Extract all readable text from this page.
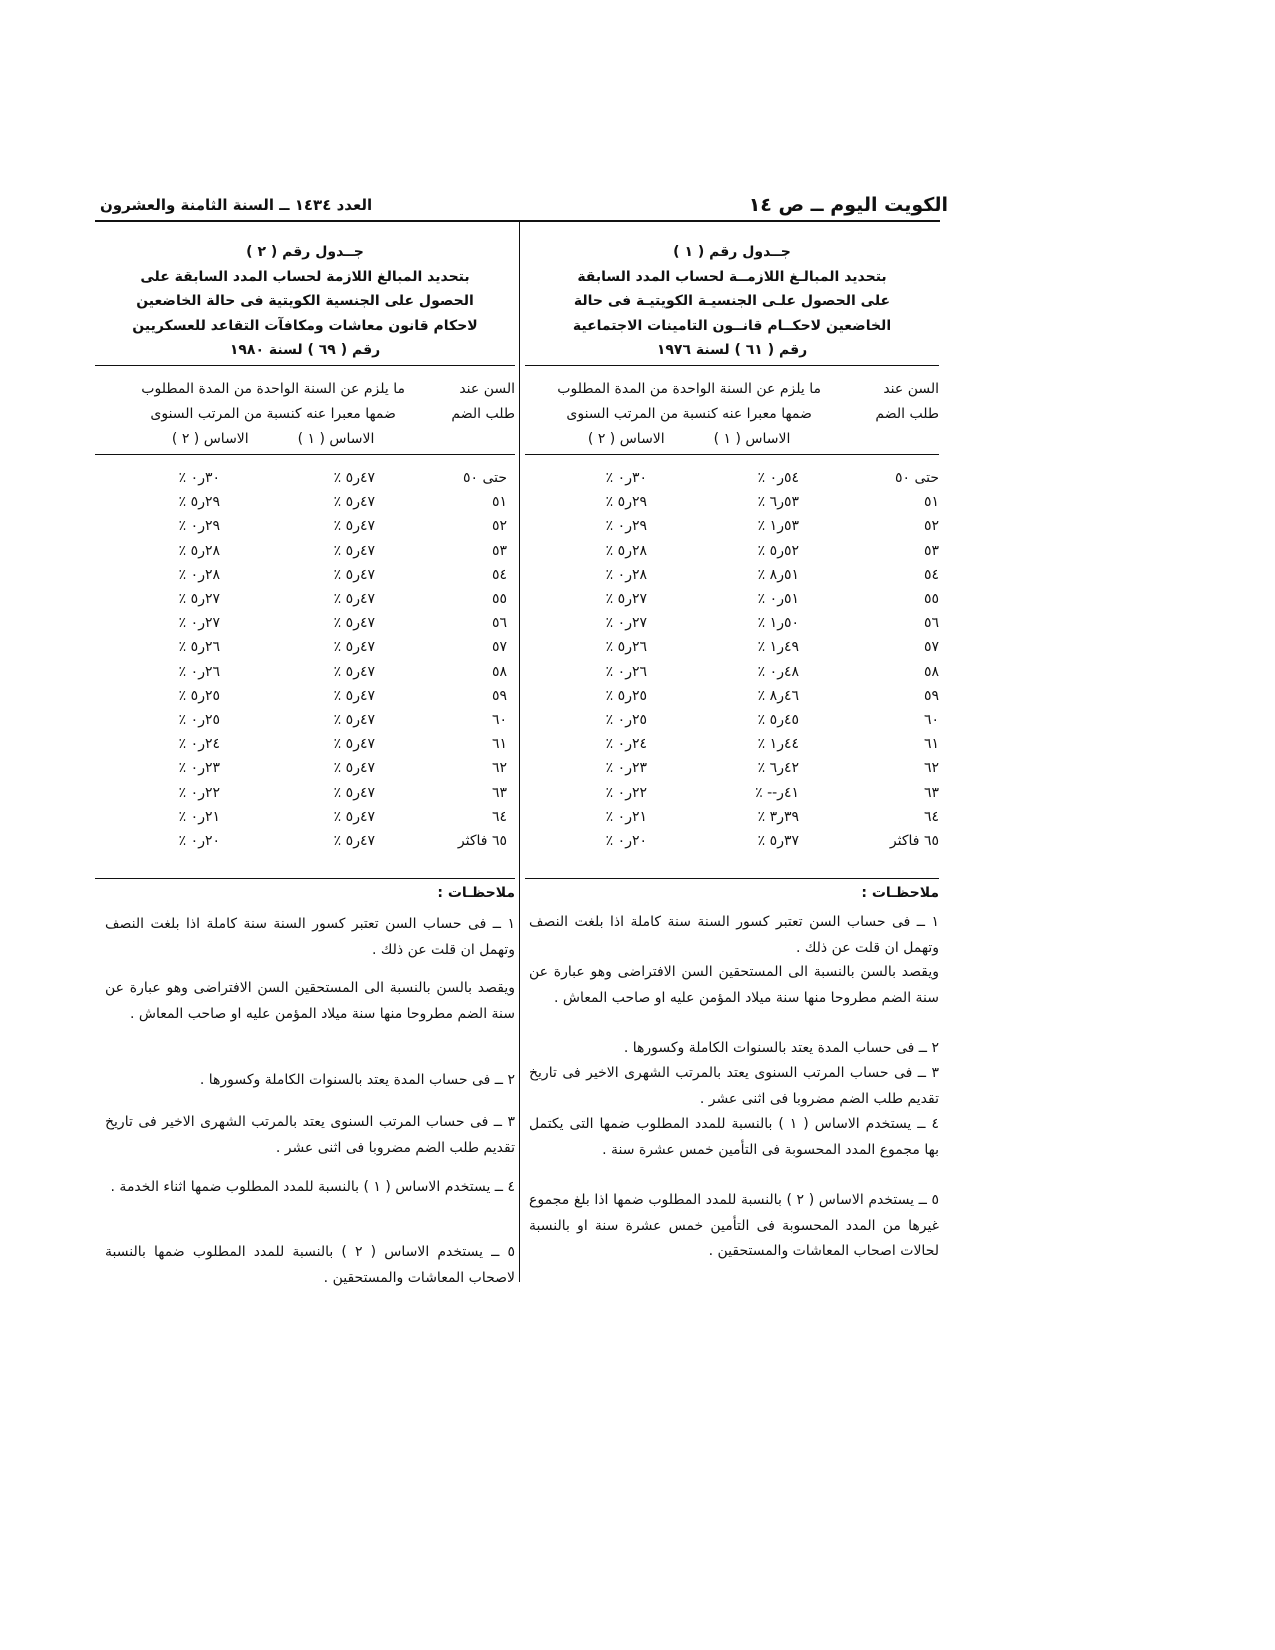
الكويت اليوم ــ ص ١٤
العدد ١٤٣٤ ــ السنة الثامنة والعشرون
جــدول رقم ( ١ )
بتحديد المبالـغ اللازمــة لحساب المدد السابقة
على الحصول علـى الجنسيـة الكويتيـة فى حالة
الخاضعين لاحكــام قانــون التامينات الاجتماعية
رقم ( ٦١ ) لسنة ١٩٧٦
السن عند
طلب الضم
ما يلزم عن السنة الواحدة من المدة المطلوب
ضمها معبرا عنه كنسبة من المرتب السنوى
الاساس ( ١ )  الاساس ( ٢ )
حتى ٥٠
٥٤ر٠ ٪
٣٠ر٠ ٪
٥١
٥٣ر٦ ٪
٢٩ر٥ ٪
٥٢
٥٣ر١ ٪
٢٩ر٠ ٪
٥٣
٥٢ر٥ ٪
٢٨ر٥ ٪
٥٤
٥١ر٨ ٪
٢٨ر٠ ٪
٥٥
٥١ر٠ ٪
٢٧ر٥ ٪
٥٦
٥٠ر١ ٪
٢٧ر٠ ٪
٥٧
٤٩ر١ ٪
٢٦ر٥ ٪
٥٨
٤٨ر٠ ٪
٢٦ر٠ ٪
٥٩
٤٦ر٨ ٪
٢٥ر٥ ٪
٦٠
٤٥ر٥ ٪
٢٥ر٠ ٪
٦١
٤٤ر١ ٪
٢٤ر٠ ٪
٦٢
٤٢ر٦ ٪
٢٣ر٠ ٪
٦٣
٤١ر-- ٪
٢٢ر٠ ٪
٦٤
٣٩ر٣ ٪
٢١ر٠ ٪
٦٥ فاكثر
٣٧ر٥ ٪
٢٠ر٠ ٪
ملاحظـات :
١ ــ فى حساب السن تعتبر كسور السنة سنة كاملة اذا بلغت النصف وتهمل ان قلت عن ذلك .
ويقصد بالسن بالنسبة الى المستحقين السن الافتراضى وهو عبارة عن سنة الضم مطروحا منها سنة ميلاد المؤمن عليه او صاحب المعاش .
٢ ــ فى حساب المدة يعتد بالسنوات الكاملة وكسورها .
٣ ــ فى حساب المرتب السنوى يعتد بالمرتب الشهرى الاخير فى تاريخ تقديم طلب الضم مضروبا فى اثنى عشر .
٤ ــ يستخدم الاساس ( ١ ) بالنسبة للمدد المطلوب ضمها التى يكتمل بها مجموع المدد المحسوبة فى التأمين خمس عشرة سنة .
٥ ــ يستخدم الاساس ( ٢ ) بالنسبة للمدد المطلوب ضمها اذا بلغ مجموع غيرها من المدد المحسوبة فى التأمين خمس عشرة سنة او بالنسبة لحالات اصحاب المعاشات والمستحقين .
جــدول رقم ( ٢ )
بتحديد المبالغ اللازمة لحساب المدد السابقة على
الحصول على الجنسية الكويتية فى حالة الخاضعين
لاحكام قانون معاشات ومكافآت التقاعد للعسكريين
رقم ( ٦٩ ) لسنة ١٩٨٠
السن عند
طلب الضم
ما يلزم عن السنة الواحدة من المدة المطلوب
ضمها معبرا عنه كنسبة من المرتب السنوى
الاساس ( ١ )  الاساس ( ٢ )
حتى ٥٠
٤٧ر٥ ٪
٣٠ر٠ ٪
٥١
٤٧ر٥ ٪
٢٩ر٥ ٪
٥٢
٤٧ر٥ ٪
٢٩ر٠ ٪
٥٣
٤٧ر٥ ٪
٢٨ر٥ ٪
٥٤
٤٧ر٥ ٪
٢٨ر٠ ٪
٥٥
٤٧ر٥ ٪
٢٧ر٥ ٪
٥٦
٤٧ر٥ ٪
٢٧ر٠ ٪
٥٧
٤٧ر٥ ٪
٢٦ر٥ ٪
٥٨
٤٧ر٥ ٪
٢٦ر٠ ٪
٥٩
٤٧ر٥ ٪
٢٥ر٥ ٪
٦٠
٤٧ر٥ ٪
٢٥ر٠ ٪
٦١
٤٧ر٥ ٪
٢٤ر٠ ٪
٦٢
٤٧ر٥ ٪
٢٣ر٠ ٪
٦٣
٤٧ر٥ ٪
٢٢ر٠ ٪
٦٤
٤٧ر٥ ٪
٢١ر٠ ٪
٦٥ فاكثر
٤٧ر٥ ٪
٢٠ر٠ ٪
ملاحظـات :
١ ــ فى حساب السن تعتبر كسور السنة سنة كاملة اذا بلغت النصف وتهمل ان قلت عن ذلك .
ويقصد بالسن بالنسبة الى المستحقين السن الافتراضى وهو عبارة عن سنة الضم مطروحا منها سنة ميلاد المؤمن عليه او صاحب المعاش .
٢ ــ فى حساب المدة يعتد بالسنوات الكاملة وكسورها .
٣ ــ فى حساب المرتب السنوى يعتد بالمرتب الشهرى الاخير فى تاريخ تقديم طلب الضم مضروبا فى اثنى عشر .
٤ ــ يستخدم الاساس ( ١ ) بالنسبة للمدد المطلوب ضمها اثناء الخدمة .
٥ ــ يستخدم الاساس ( ٢ ) بالنسبة للمدد المطلوب ضمها بالنسبة لاصحاب المعاشات والمستحقين .
